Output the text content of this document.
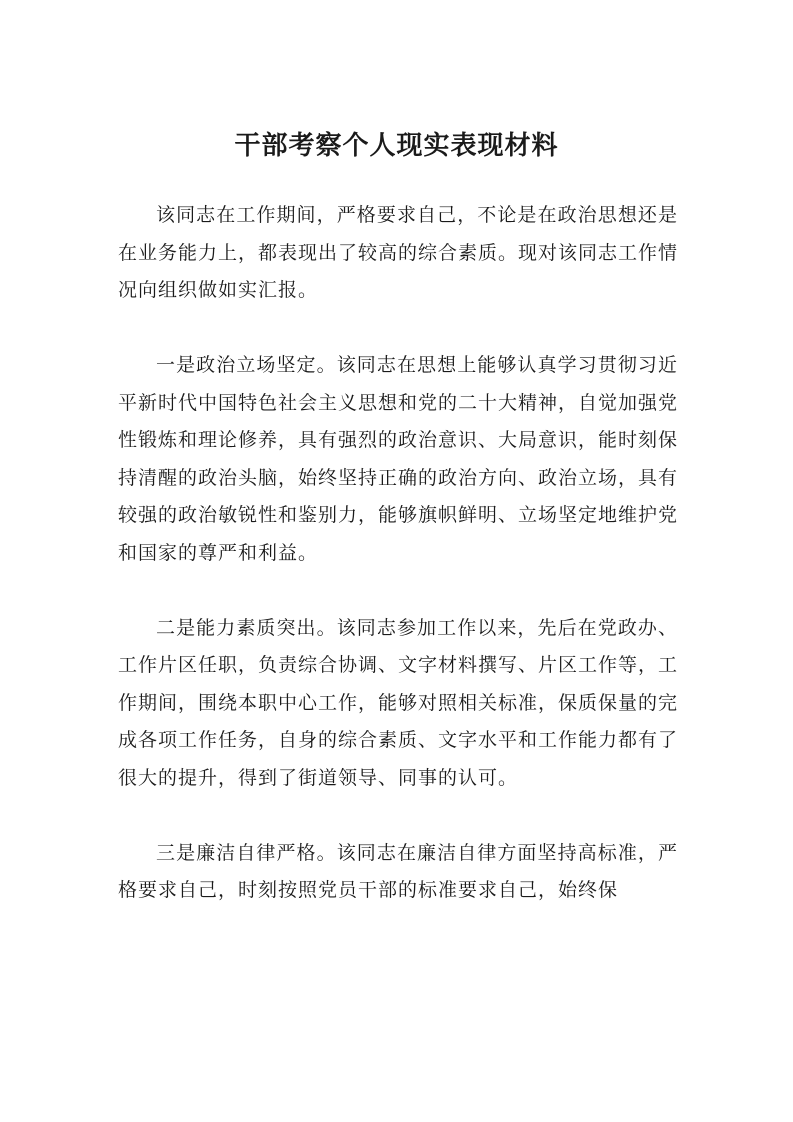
干部考察个人现实表现材料

该同志在工作期间，严格要求自己，不论是在政治思想还是在业务能力上，都表现出了较高的综合素质。现对该同志工作情况向组织做如实汇报。

一是政治立场坚定。该同志在思想上能够认真学习贯彻习近平新时代中国特色社会主义思想和党的二十大精神，自觉加强党性锻炼和理论修养，具有强烈的政治意识、大局意识，能时刻保持清醒的政治头脑，始终坚持正确的政治方向、政治立场，具有较强的政治敏锐性和鉴别力，能够旗帜鲜明、立场坚定地维护党和国家的尊严和利益。

二是能力素质突出。该同志参加工作以来，先后在党政办、工作片区任职，负责综合协调、文字材料撰写、片区工作等，工作期间，围绕本职中心工作，能够对照相关标准，保质保量的完成各项工作任务，自身的综合素质、文字水平和工作能力都有了很大的提升，得到了街道领导、同事的认可。

三是廉洁自律严格。该同志在廉洁自律方面坚持高标准，严格要求自己，时刻按照党员干部的标准要求自己，始终保
